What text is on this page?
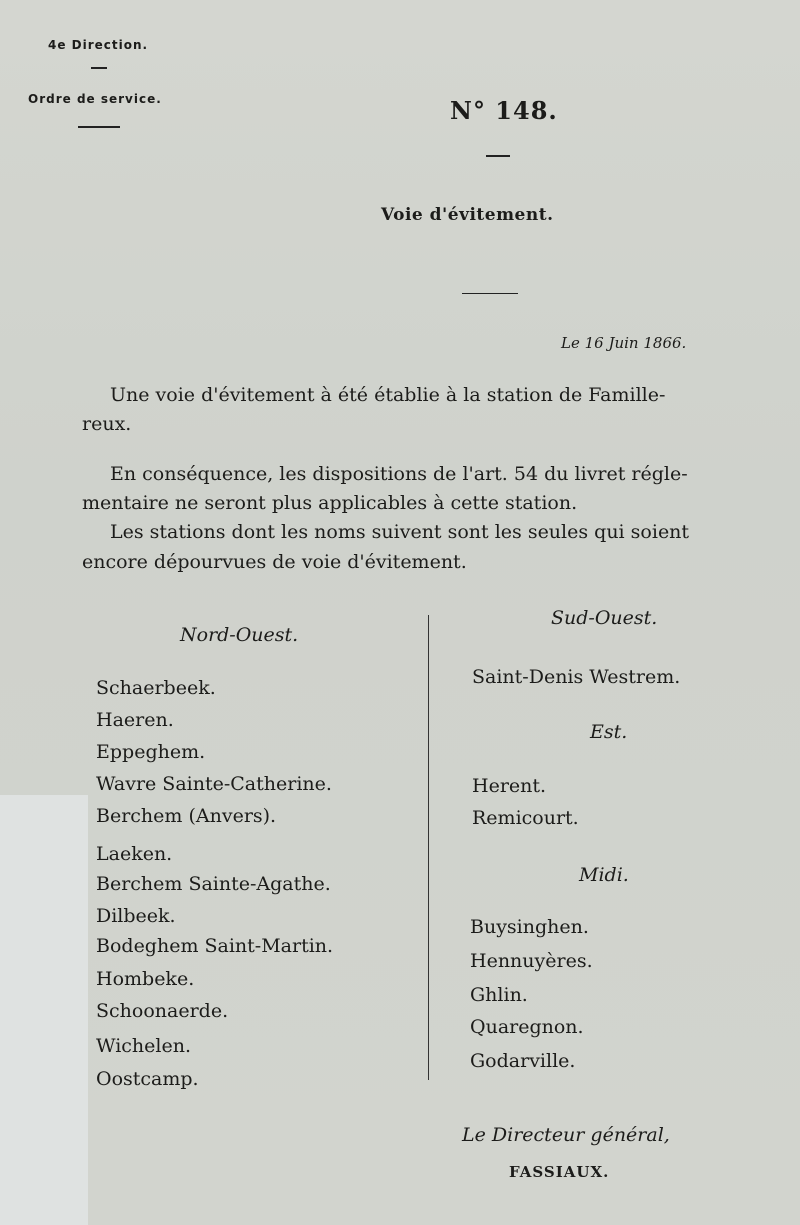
4e Direction.
Ordre de service.	N° 148.
Voie d'évitement.
Le 16 Juin 1866.
Une voie d'évitement à été établie à la station de Famille-
reux.
En conséquence, les dispositions de l'art. 54 du livret régle-
mentaire ne seront plus applicables à cette station.
Les stations dont les noms suivent sont les seules qui soient
encore dépourvues de voie d'évitement.
Nord-Ouest.
Schaerbeek.
Haeren.
Eppeghem.
Wavre Sainte-Catherine.
Berchem (Anvers).
Laeken.
Berchem Sainte-Agathe.
Dilbeek.
Bodeghem Saint-Martin.
Hombeke.
Schoonaerde.
Wichelen.
Oostcamp.
Sud-Ouest.
Saint-Denis Westrem.
Est.
Herent.
Remicourt.
Midi.
Buysinghen.
Hennuyères.
Ghlin.
Quaregnon.
Godarville.
Le Directeur général,
FASSIAUX.
